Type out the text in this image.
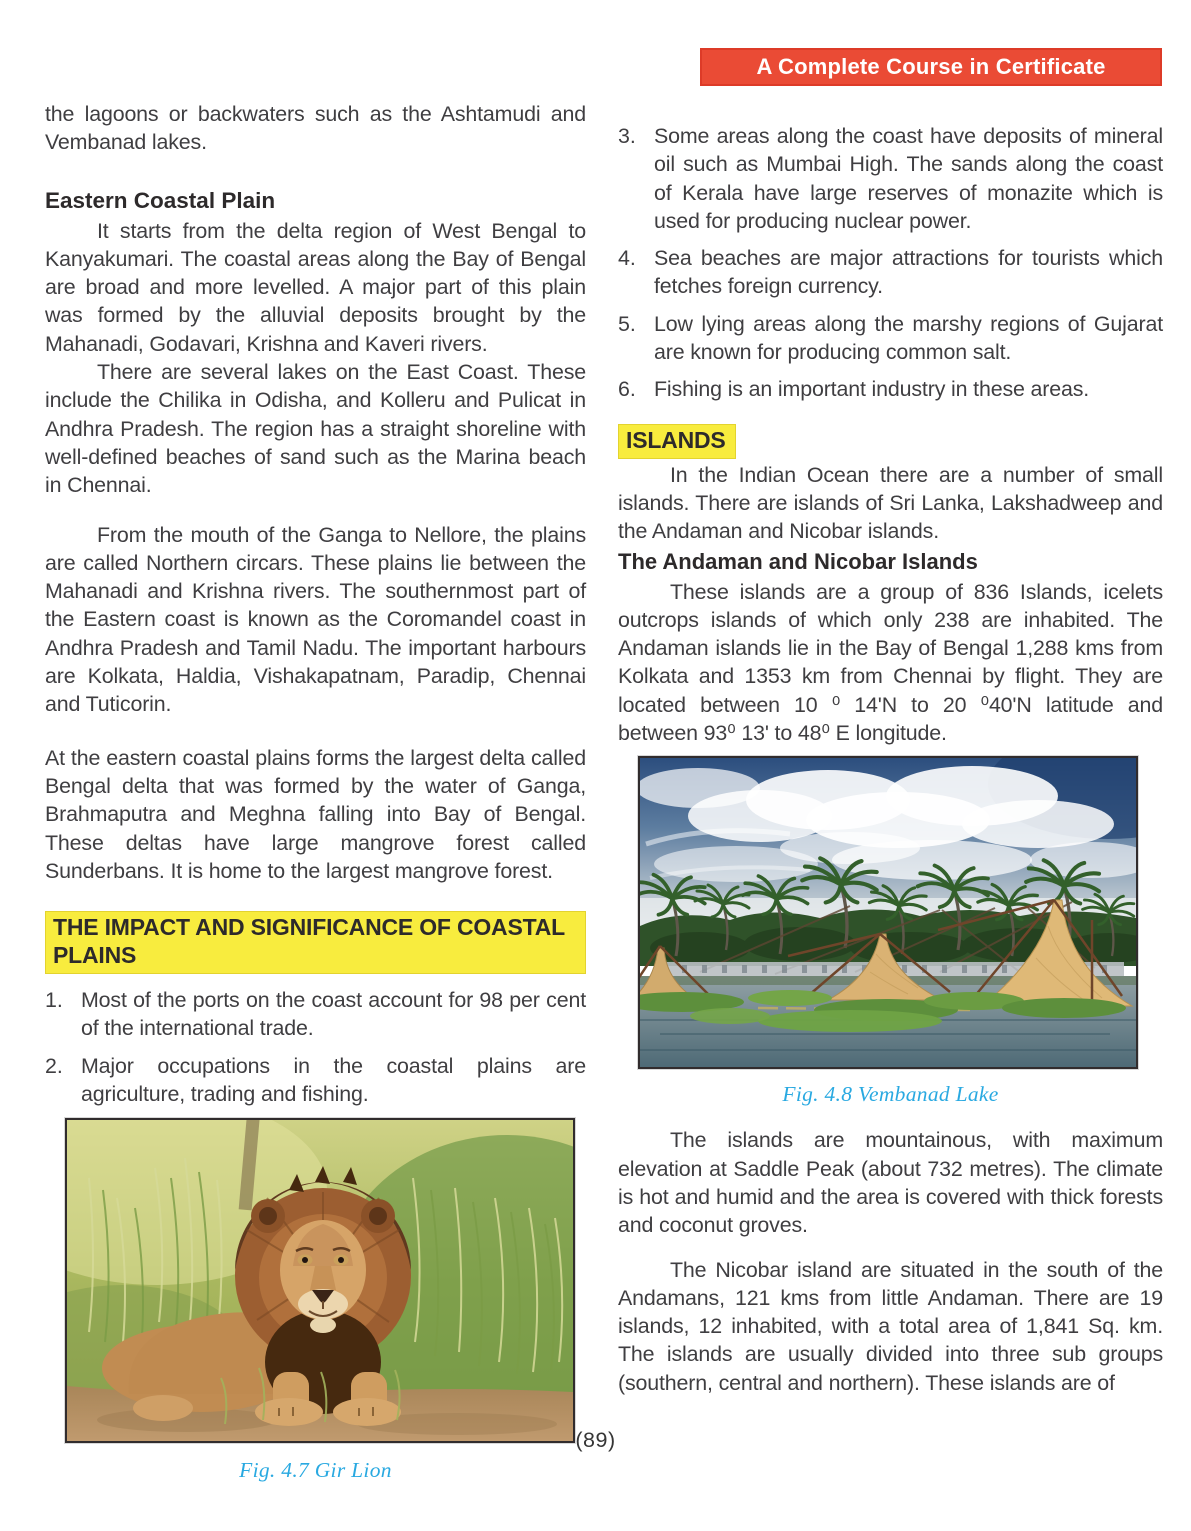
the lagoons or backwaters such as the Ashtamudi and Vembanad lakes.

Eastern Coastal Plain

It starts from the delta region of West Bengal to Kanyakumari. The coastal areas along the Bay of Bengal are broad and more levelled. A major part of this plain was formed by the alluvial deposits brought by the Mahanadi, Godavari, Krishna and Kaveri rivers.

There are several lakes on the East Coast. These include the Chilika in Odisha, and Kolleru and Pulicat in Andhra Pradesh. The region has a straight shoreline with well-defined beaches of sand such as the Marina beach in Chennai.

From the mouth of the Ganga to Nellore, the plains are called Northern circars. These plains lie between the Mahanadi and Krishna rivers. The southernmost part of the Eastern coast is known as the Coromandel coast in Andhra Pradesh and Tamil Nadu. The important harbours are Kolkata, Haldia, Vishakapatnam, Paradip, Chennai and Tuticorin.

At the eastern coastal plains forms the largest delta called Bengal delta that was formed by the water of Ganga, Brahmaputra and Meghna falling into Bay of Bengal. These deltas have large mangrove forest called Sunderbans. It is home to the largest mangrove forest.

THE IMPACT AND SIGNIFICANCE OF COASTAL PLAINS
1. Most of the ports on the coast account for 98 per cent of the international trade.
2. Major occupations in the coastal plains are agriculture, trading and fishing.
Fig. 4.7 Gir Lion
A Complete Course in Certificate Geography-II
3. Some areas along the coast have deposits of mineral oil such as Mumbai High. The sands along the coast of Kerala have large reserves of monazite which is used for producing nuclear power.
4. Sea beaches are major attractions for tourists which fetches foreign currency.
5. Low lying areas along the marshy regions of Gujarat are known for producing common salt.
6. Fishing is an important industry in these areas.
ISLANDS

In the Indian Ocean there are a number of small islands. There are islands of Sri Lanka, Lakshadweep and the Andaman and Nicobar islands.

The Andaman and Nicobar Islands

These islands are a group of 836 Islands, icelets outcrops islands of which only 238 are inhabited. The Andaman islands lie in the Bay of Bengal 1,288 kms from Kolkata and 1353 km from Chennai by flight. They are located between 10 ⁰ 14'N to 20 ⁰40'N latitude and between 93⁰ 13' to 48⁰ E longitude.

Fig. 4.8 Vembanad Lake

The islands are mountainous, with maximum elevation at Saddle Peak (about 732 metres). The climate is hot and humid and the area is covered with thick forests and coconut groves.

The Nicobar island are situated in the south of the Andamans, 121 kms from little Andaman. There are 19 islands, 12 inhabited, with a total area of 1,841 Sq. km. The islands are usually divided into three sub groups (southern, central and northern). These islands are of

(89)
